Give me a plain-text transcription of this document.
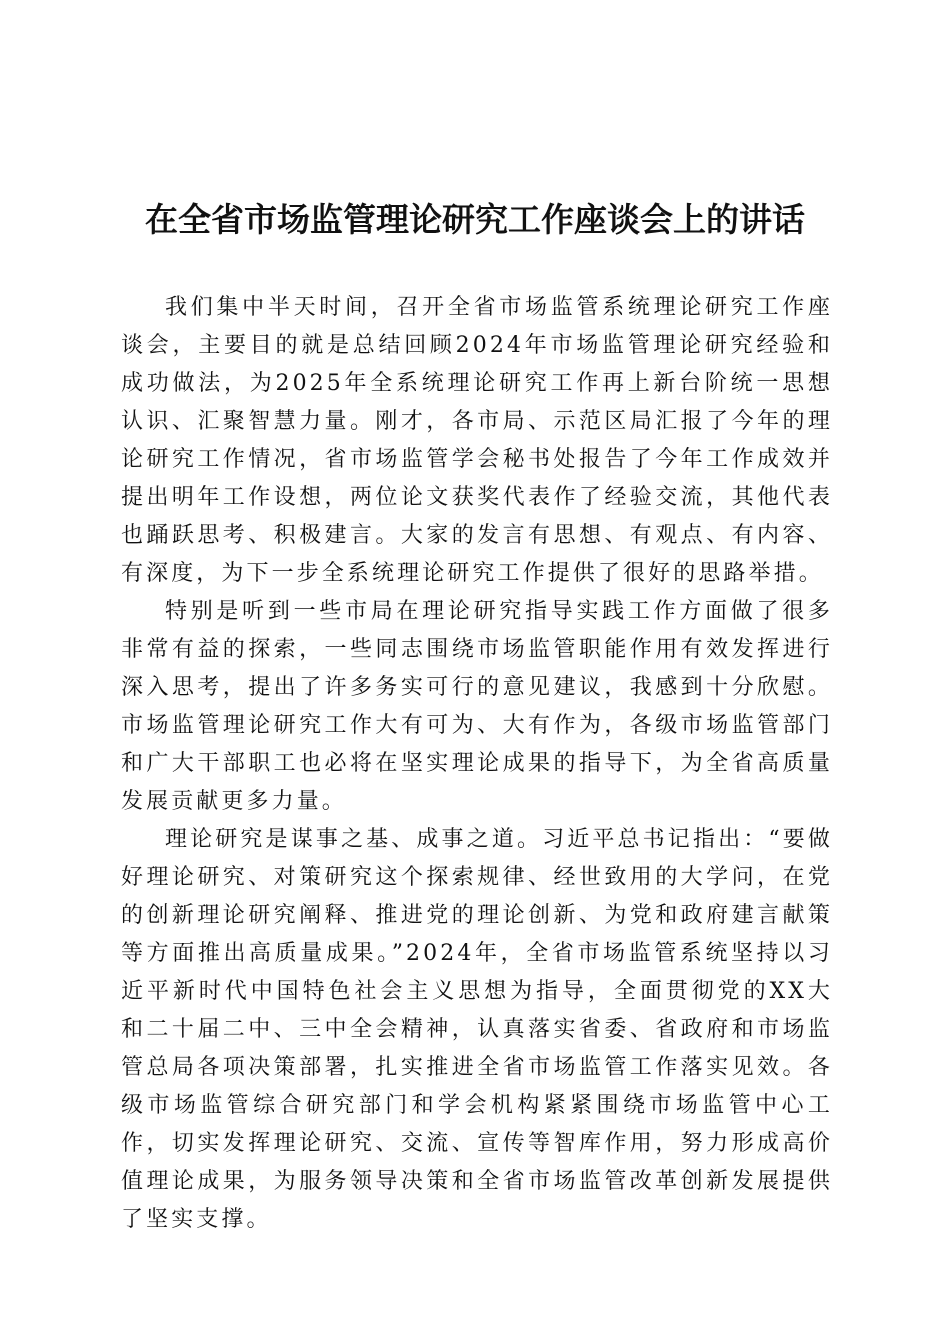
在全省市场监管理论研究工作座谈会上的讲话

我们集中半天时间，召开全省市场监管系统理论研究工作座谈会，主要目的就是总结回顾2024年市场监管理论研究经验和成功做法，为2025年全系统理论研究工作再上新台阶统一思想认识、汇聚智慧力量。刚才，各市局、示范区局汇报了今年的理论研究工作情况，省市场监管学会秘书处报告了今年工作成效并提出明年工作设想，两位论文获奖代表作了经验交流，其他代表也踊跃思考、积极建言。大家的发言有思想、有观点、有内容、有深度，为下一步全系统理论研究工作提供了很好的思路举措。

特别是听到一些市局在理论研究指导实践工作方面做了很多非常有益的探索，一些同志围绕市场监管职能作用有效发挥进行深入思考，提出了许多务实可行的意见建议，我感到十分欣慰。市场监管理论研究工作大有可为、大有作为，各级市场监管部门和广大干部职工也必将在坚实理论成果的指导下，为全省高质量发展贡献更多力量。

理论研究是谋事之基、成事之道。习近平总书记指出：“要做好理论研究、对策研究这个探索规律、经世致用的大学问，在党的创新理论研究阐释、推进党的理论创新、为党和政府建言献策等方面推出高质量成果。”2024年，全省市场监管系统坚持以习近平新时代中国特色社会主义思想为指导，全面贯彻党的XX大和二十届二中、三中全会精神，认真落实省委、省政府和市场监管总局各项决策部署，扎实推进全省市场监管工作落实见效。各级市场监管综合研究部门和学会机构紧紧围绕市场监管中心工作，切实发挥理论研究、交流、宣传等智库作用，努力形成高价值理论成果，为服务领导决策和全省市场监管改革创新发展提供了坚实支撑。
